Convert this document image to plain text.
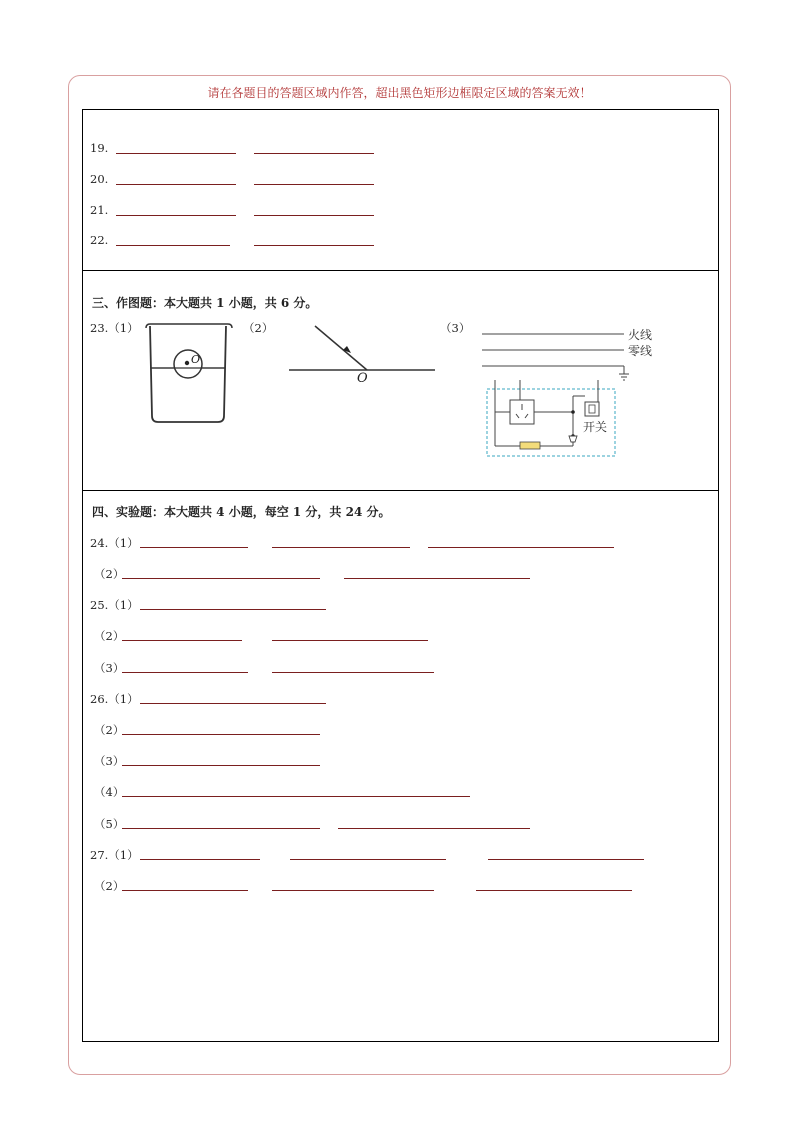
请在各题目的答题区域内作答，超出黑色矩形边框限定区域的答案无效！
19.
20.
21.
22.
三、作图题：本大题共 1 小题，共 6 分。
23.（1）	（2）	（3）
O
O
火线
零线
开关
四、实验题：本大题共 4 小题，每空 1 分，共 24 分。
24.（1）
（2）
25.（1）
（2）
（3）
26.（1）
（2）
（3）
（4）
（5）
27.（1）
（2）
